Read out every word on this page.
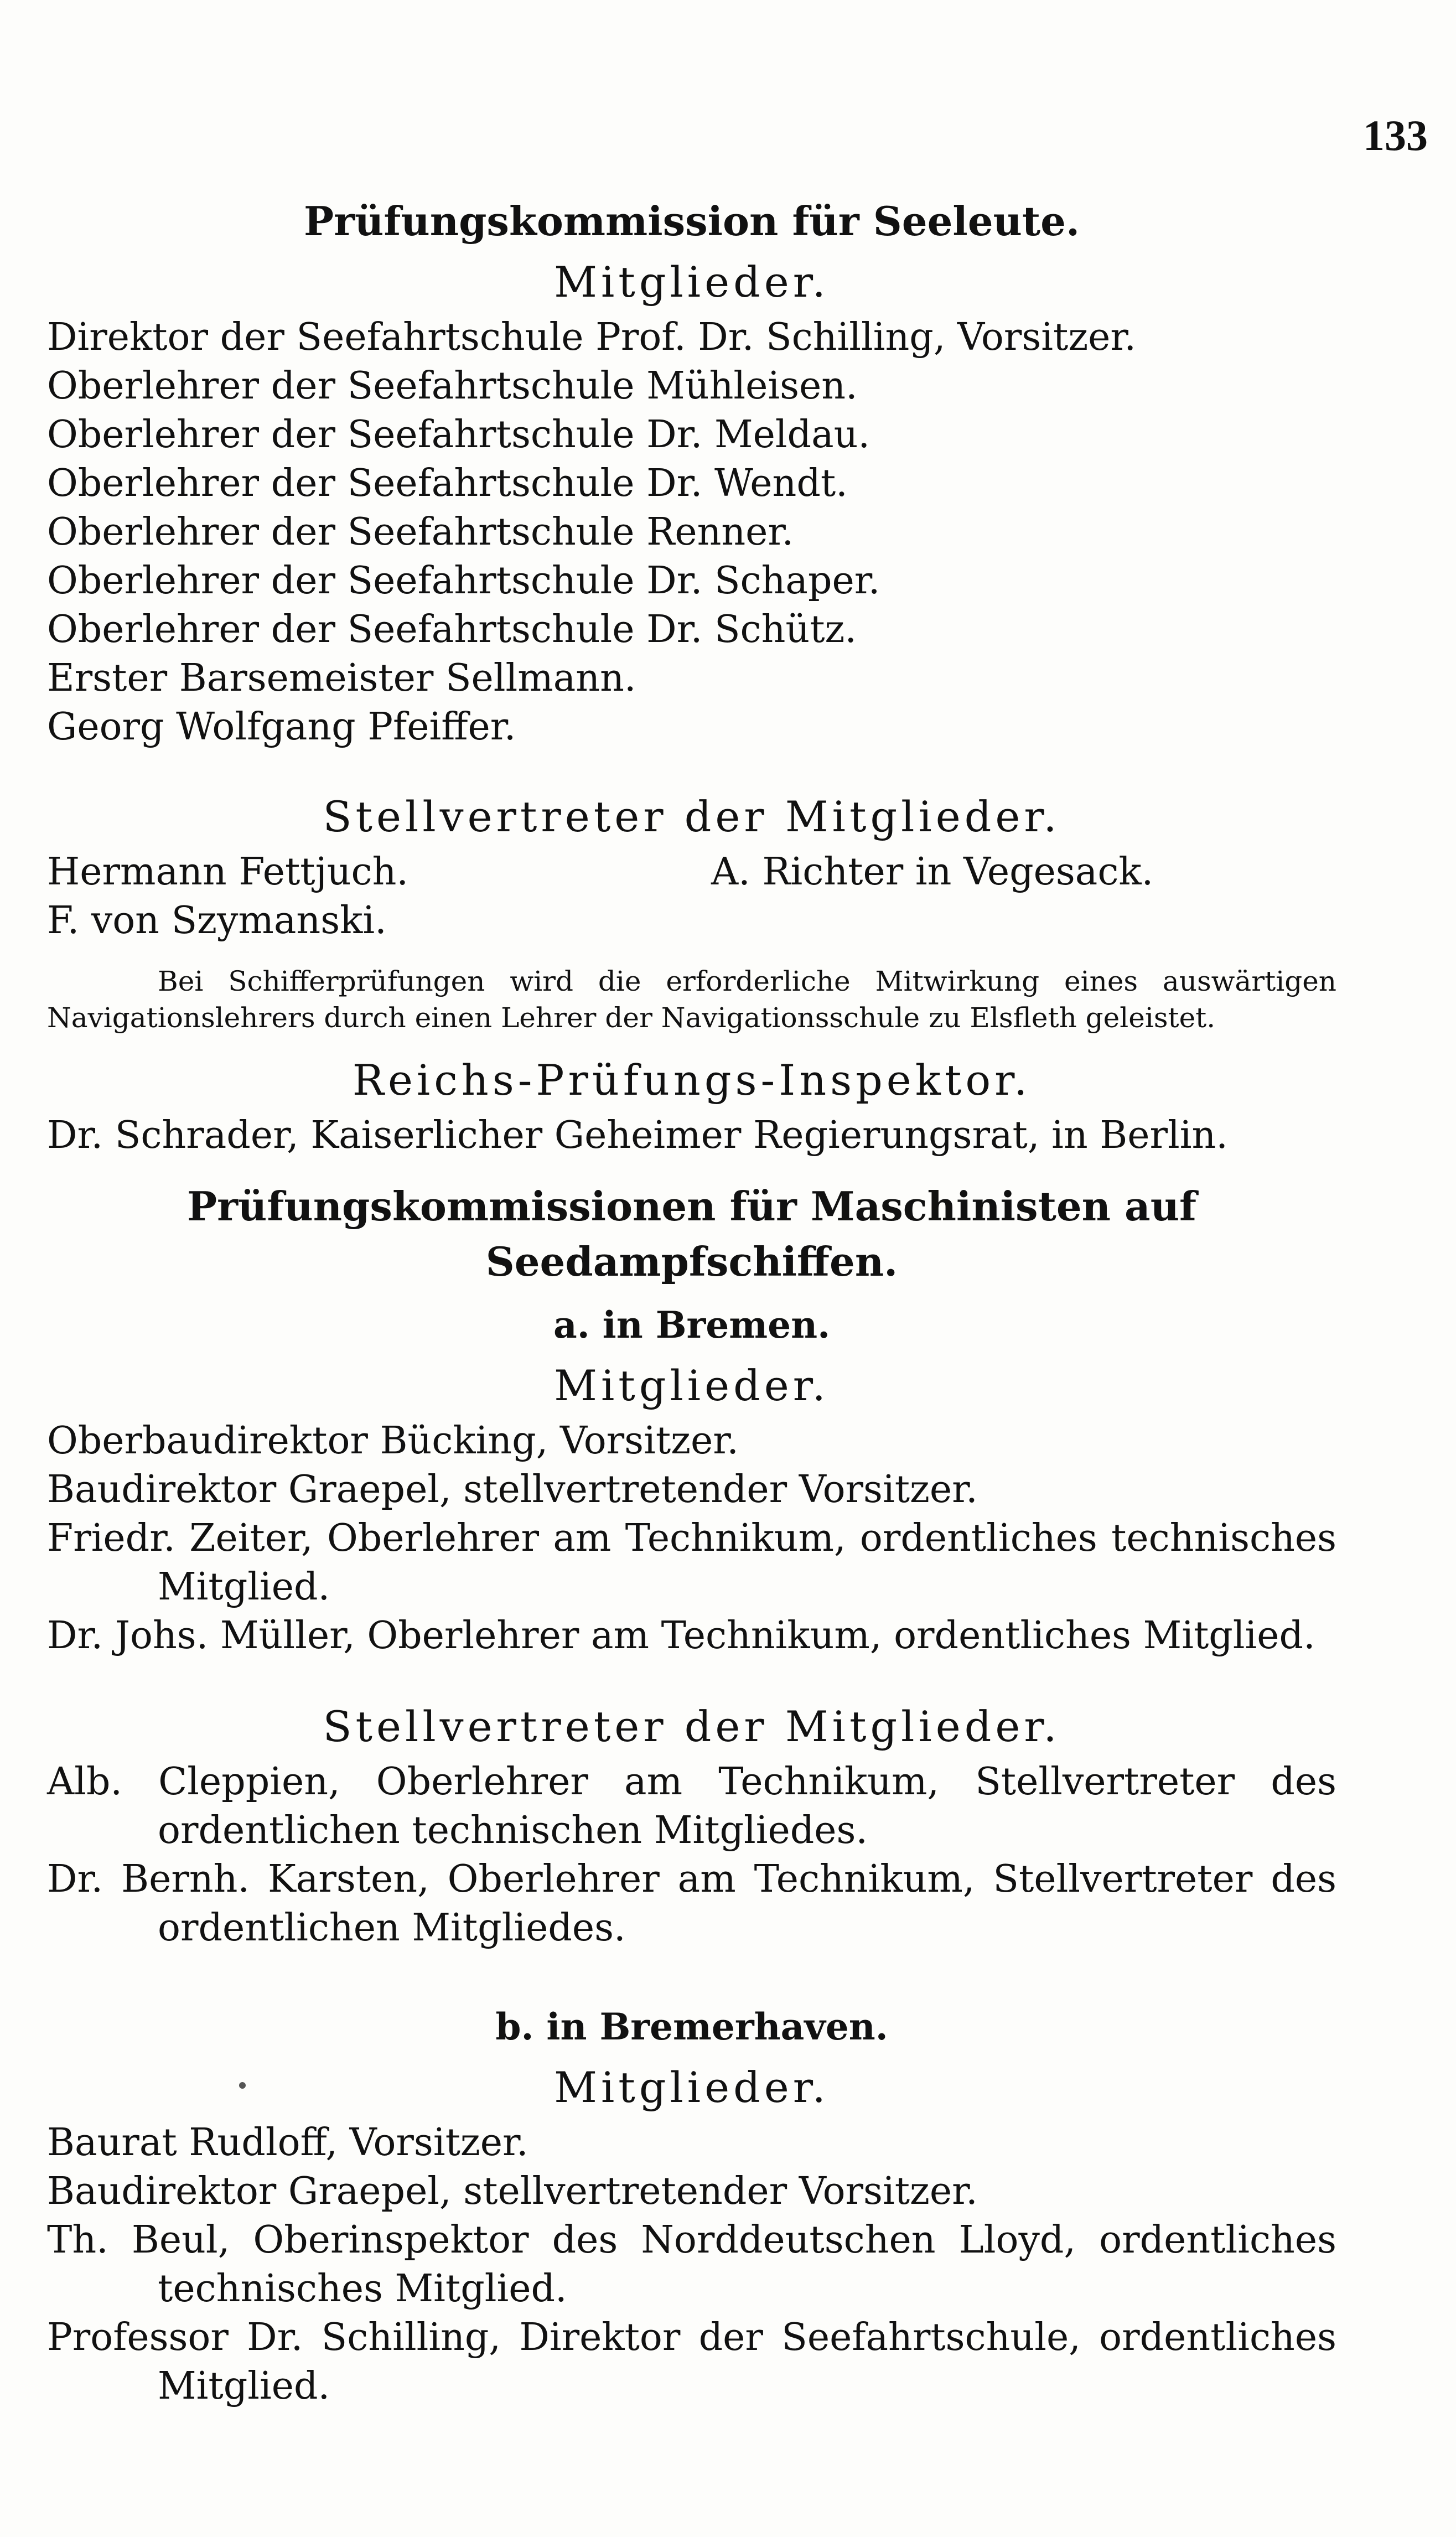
133
Prüfungskommission für Seeleute.
Mitglieder.
Direktor der Seefahrtschule Prof. Dr. Schilling, Vorsitzer.
Oberlehrer der Seefahrtschule Mühleisen.
Oberlehrer der Seefahrtschule Dr. Meldau.
Oberlehrer der Seefahrtschule Dr. Wendt.
Oberlehrer der Seefahrtschule Renner.
Oberlehrer der Seefahrtschule Dr. Schaper.
Oberlehrer der Seefahrtschule Dr. Schütz.
Erster Barsemeister Sellmann.
Georg Wolfgang Pfeiffer.
Stellvertreter der Mitglieder.
Hermann Fettjuch.
F. von Szymanski.
A. Richter in Vegesack.
Bei Schifferprüfungen wird die erforderliche Mitwirkung eines auswärtigen Navigationslehrers durch einen Lehrer der Navigationsschule zu Elsfleth geleistet.
Reichs-Prüfungs-Inspektor.
Dr. Schrader, Kaiserlicher Geheimer Regierungsrat, in Berlin.
Prüfungskommissionen für Maschinisten auf Seedampfschiffen.
a. in Bremen.
Mitglieder.
Oberbaudirektor Bücking, Vorsitzer.
Baudirektor Graepel, stellvertretender Vorsitzer.
Friedr. Zeiter, Oberlehrer am Technikum, ordentliches technisches Mitglied.
Dr. Johs. Müller, Oberlehrer am Technikum, ordentliches Mitglied.
Stellvertreter der Mitglieder.
Alb. Cleppien, Oberlehrer am Technikum, Stellvertreter des ordentlichen technischen Mitgliedes.
Dr. Bernh. Karsten, Oberlehrer am Technikum, Stellvertreter des ordentlichen Mitgliedes.
b. in Bremerhaven.
Mitglieder.
Baurat Rudloff, Vorsitzer.
Baudirektor Graepel, stellvertretender Vorsitzer.
Th. Beul, Oberinspektor des Norddeutschen Lloyd, ordentliches technisches Mitglied.
Professor Dr. Schilling, Direktor der Seefahrtschule, ordentliches Mitglied.
